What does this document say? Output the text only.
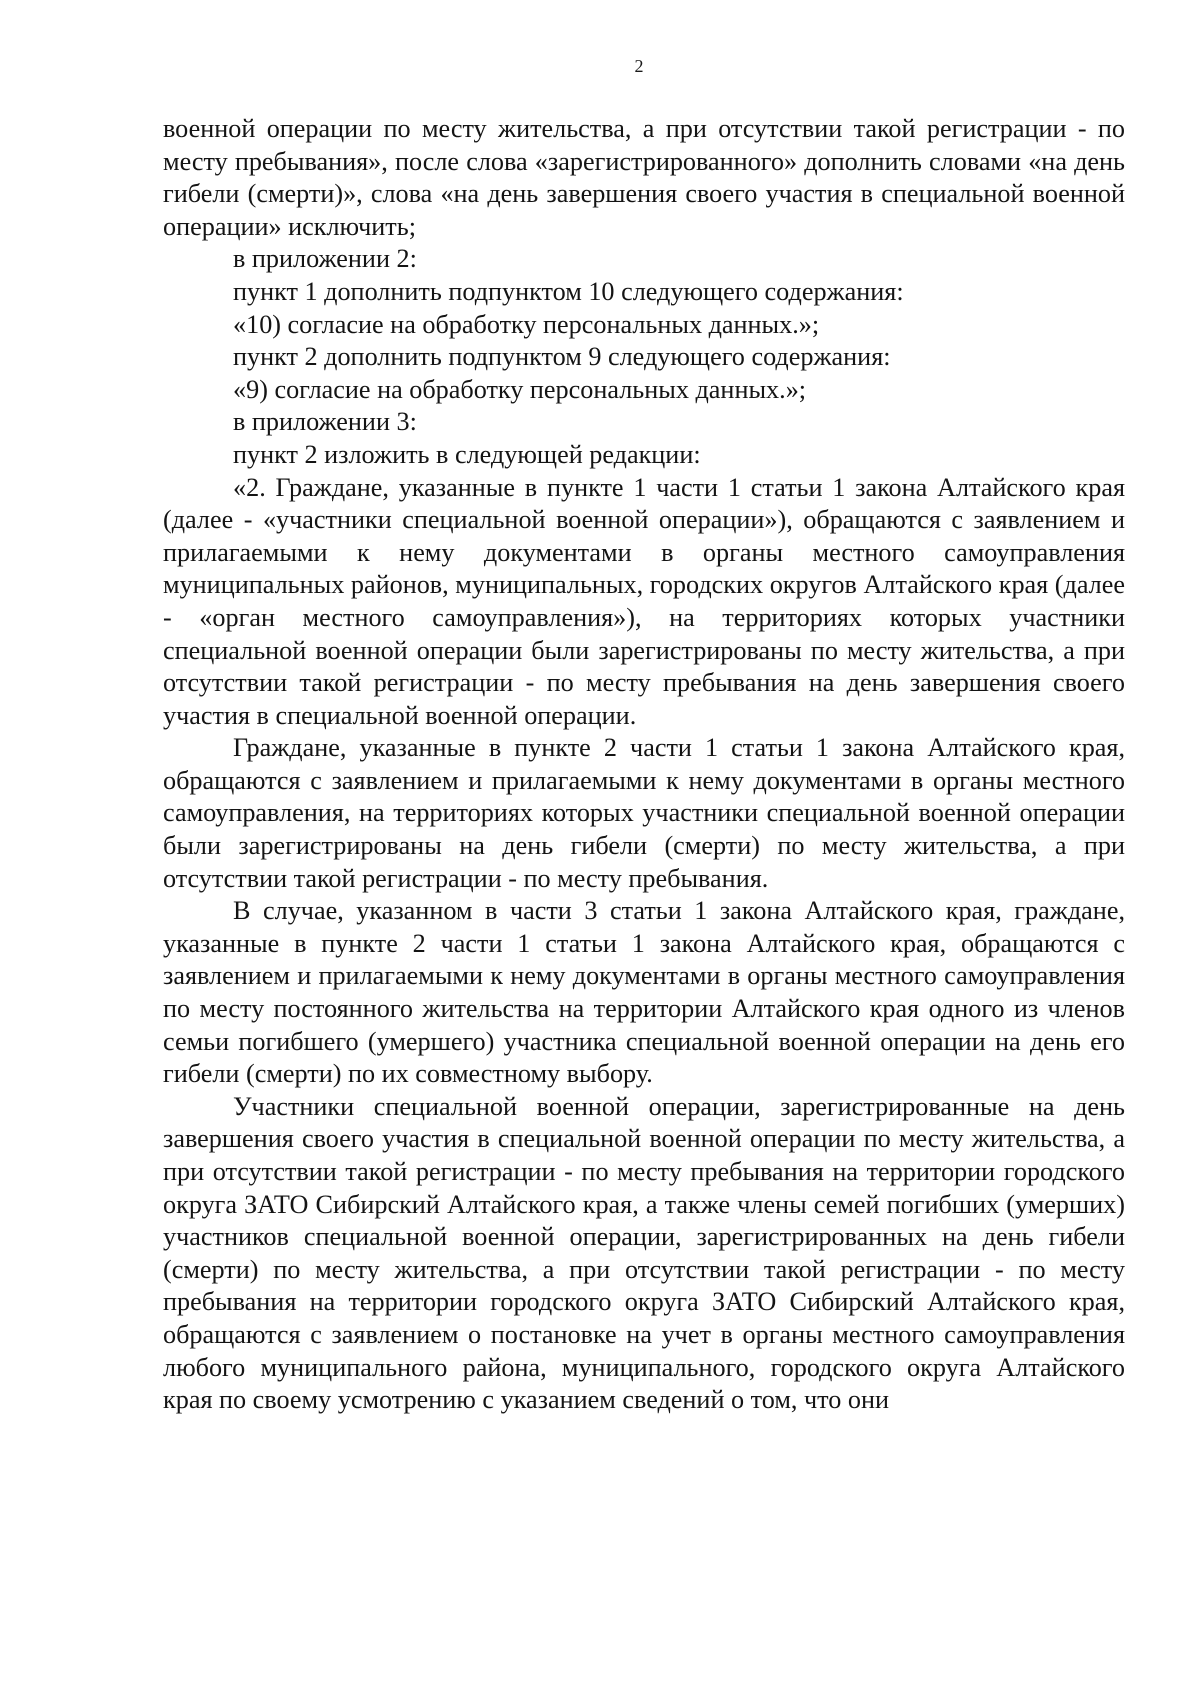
2

военной операции по месту жительства, а при отсутствии такой регистрации - по месту пребывания», после слова «зарегистрированного» дополнить словами «на день гибели (смерти)», слова «на день завершения своего участия в специальной военной операции» исключить;

в приложении 2:

пункт 1 дополнить подпунктом 10 следующего содержания:

«10) согласие на обработку персональных данных.»;

пункт 2 дополнить подпунктом 9 следующего содержания:

«9) согласие на обработку персональных данных.»;

в приложении 3:

пункт 2 изложить в следующей редакции:

«2. Граждане, указанные в пункте 1 части 1 статьи 1 закона Алтайского края (далее - «участники специальной военной операции»), обращаются с заявлением и прилагаемыми к нему документами в органы местного самоуправления муниципальных районов, муниципальных, городских округов Алтайского края (далее - «орган местного самоуправления»), на территориях которых участники специальной военной операции были зарегистрированы по месту жительства, а при отсутствии такой регистрации - по месту пребывания на день завершения своего участия в специальной военной операции.

Граждане, указанные в пункте 2 части 1 статьи 1 закона Алтайского края, обращаются с заявлением и прилагаемыми к нему документами в органы местного самоуправления, на территориях которых участники специальной военной операции были зарегистрированы на день гибели (смерти) по месту жительства, а при отсутствии такой регистрации - по месту пребывания.

В случае, указанном в части 3 статьи 1 закона Алтайского края, граждане, указанные в пункте 2 части 1 статьи 1 закона Алтайского края, обращаются с заявлением и прилагаемыми к нему документами в органы местного самоуправления по месту постоянного жительства на территории Алтайского края одного из членов семьи погибшего (умершего) участника специальной военной операции на день его гибели (смерти) по их совместному выбору.

Участники специальной военной операции, зарегистрированные на день завершения своего участия в специальной военной операции по месту жительства, а при отсутствии такой регистрации - по месту пребывания на территории городского округа ЗАТО Сибирский Алтайского края, а также члены семей погибших (умерших) участников специальной военной операции, зарегистрированных на день гибели (смерти) по месту жительства, а при отсутствии такой регистрации - по месту пребывания на территории городского округа ЗАТО Сибирский Алтайского края, обращаются с заявлением о постановке на учет в органы местного самоуправления любого муниципального района, муниципального, городского округа Алтайского края по своему усмотрению с указанием сведений о том, что они
